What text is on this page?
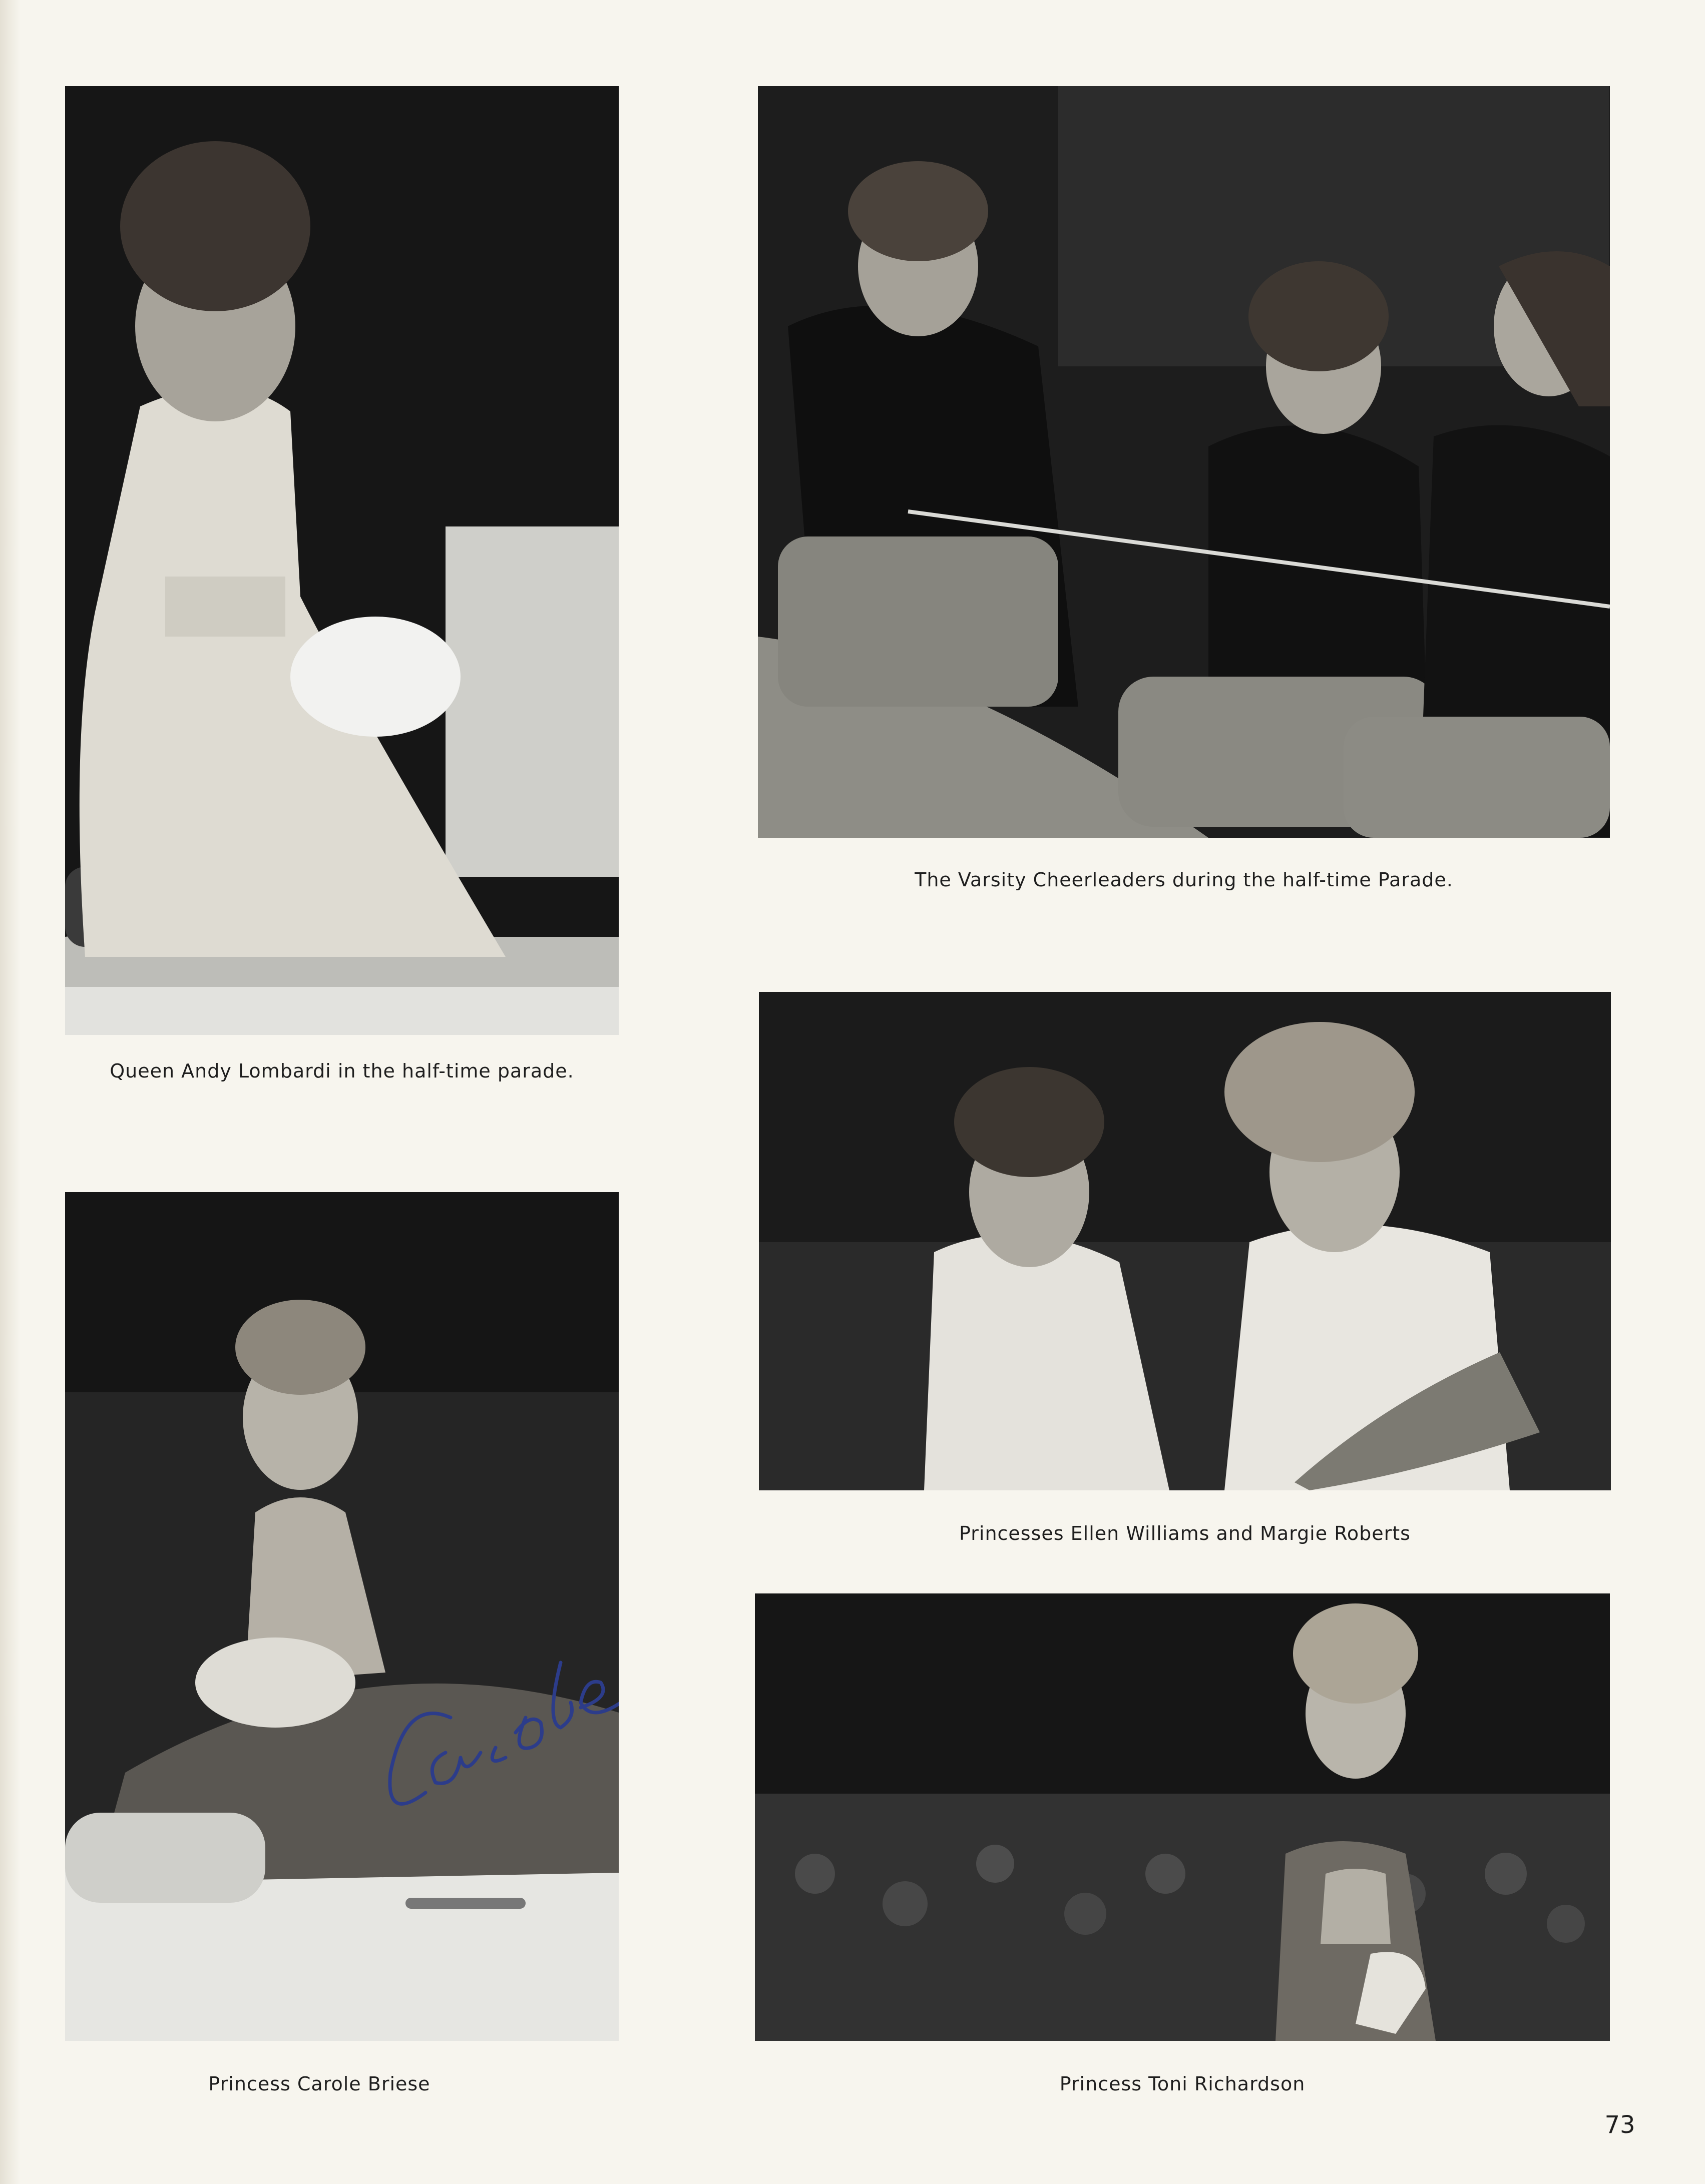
Queen Andy Lombardi in the half-time parade.
The Varsity Cheerleaders during the half-time Parade.
Princesses Ellen Williams and Margie Roberts
Princess Carole Briese	Princess Toni Richardson
73
